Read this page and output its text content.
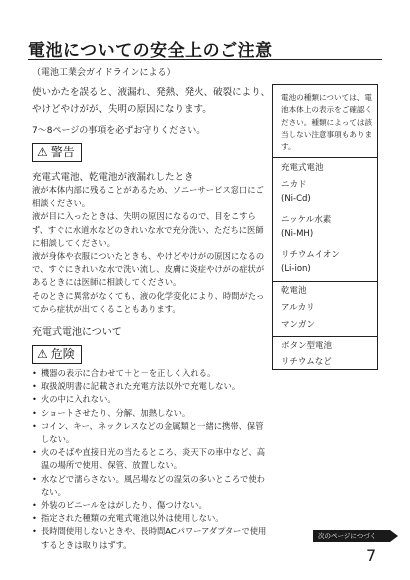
電池についての安全上のご注意
（電池工業会ガイドラインによる）
使いかたを誤ると、液漏れ、発熱、発火、破裂により、
やけどやけがが、失明の原因になります。
7～8ページの事項を必ずお守りください。
⚠ 警告
充電式電池、乾電池が液漏れしたとき
液が本体内部に残ることがあるため、ソニーサービス窓口にご
相談ください。
液が目に入ったときは、失明の原因になるので、目をこすら
ず、すぐに水道水などのきれいな水で充分洗い、ただちに医師
に相談してください。
液が身体や衣服についたときも、やけどやけがの原因になるの
で、すぐにきれいな水で洗い流し、皮膚に炎症やけがの症状が
あるときには医師に相談してください。
そのときに異常がなくても、液の化学変化により、時間がたっ
てから症状が出てくることもあります。
充電式電池について
⚠ 危険
• 機器の表示に合わせて＋と－を正しく入れる。
• 取扱説明書に記載された充電方法以外で充電しない。
• 火の中に入れない。
• ショートさせたり、分解、加熱しない。
• コイン、キー、ネックレスなどの金属類と一緒に携帯、保管
しない。
• 火のそばや直接日光の当たるところ、炎天下の車中など、高
温の場所で使用、保管、放置しない。
• 水などで濡らさない。風呂場などの湿気の多いところで使わ
ない。
• 外装のビニールをはがしたり、傷つけない。
• 指定された種類の充電式電池以外は使用しない。
• 長時間使用しないときや、長時間ACパワーアダプターで使用
するときは取りはずす。
電池の種類については、電
池本体上の表示をご確認く
ださい。種類によっては該
当しない注意事項もありま
す。
充電式電池
ニカド
(Ni-Cd)
ニッケル水素
(Ni-MH)
リチウムイオン
(Li-ion)
乾電池
アルカリ
マンガン
ボタン型電池
リチウムなど
次のページにつづく
7
